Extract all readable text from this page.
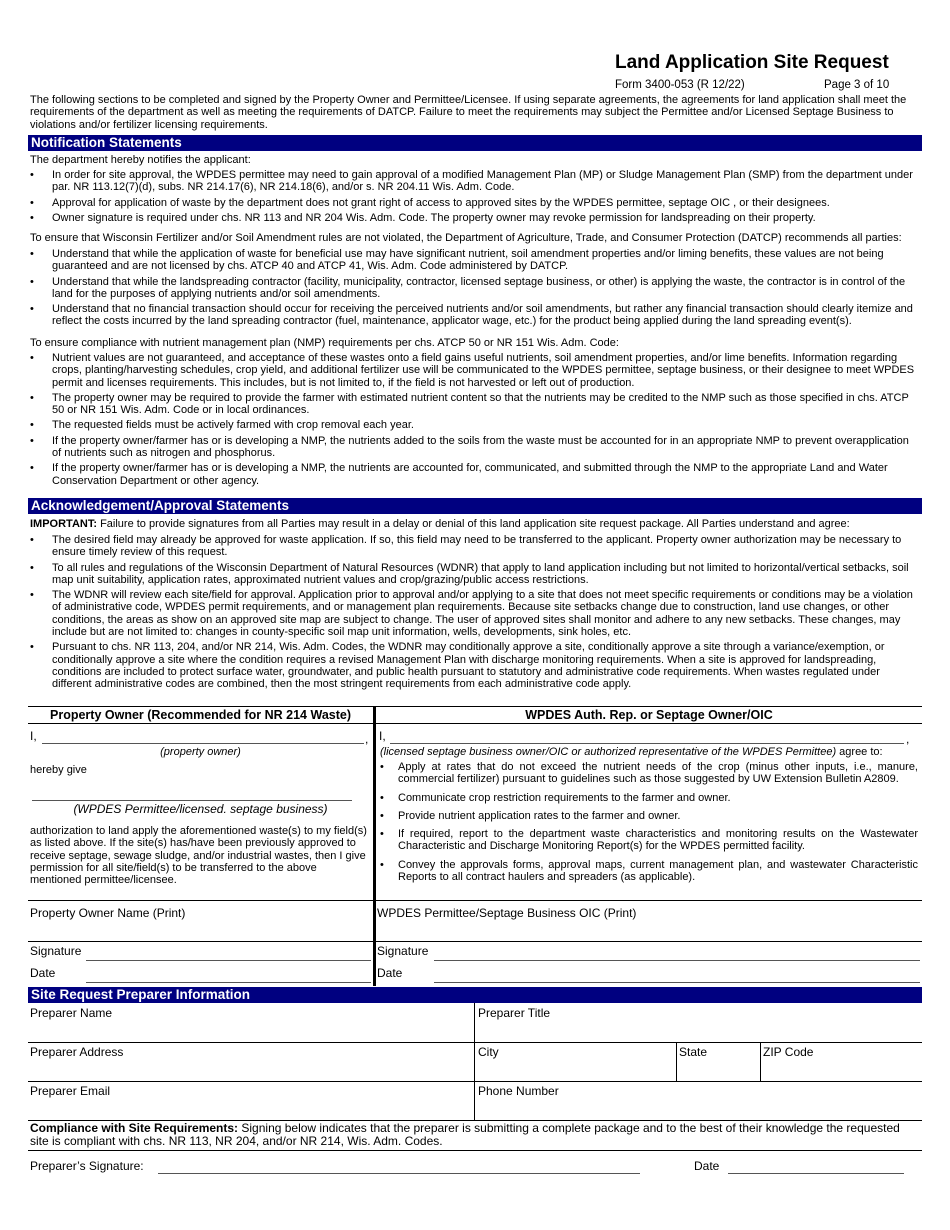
Land Application Site Request
Form 3400-053 (R 12/22)	Page 3 of 10
The following sections to be completed and signed by the Property Owner and Permittee/Licensee. If using separate agreements, the agreements for land application shall meet the requirements of the department as well as meeting the requirements of DATCP. Failure to meet the requirements may subject the Permittee and/or Licensed Septage Business to violations and/or fertilizer licensing requirements.
Notification Statements
The department hereby notifies the applicant:
• In order for site approval, the WPDES permittee may need to gain approval of a modified Management Plan (MP) or Sludge Management Plan (SMP) from the department under par. NR 113.12(7)(d), subs. NR 214.17(6), NR 214.18(6), and/or s. NR 204.11 Wis. Adm. Code.
• Approval for application of waste by the department does not grant right of access to approved sites by the WPDES permittee, septage OIC , or their designees.
• Owner signature is required under chs. NR 113 and NR 204 Wis. Adm. Code. The property owner may revoke permission for landspreading on their property.
To ensure that Wisconsin Fertilizer and/or Soil Amendment rules are not violated, the Department of Agriculture, Trade, and Consumer Protection (DATCP) recommends all parties:
• Understand that while the application of waste for beneficial use may have significant nutrient, soil amendment properties and/or liming benefits, these values are not being guaranteed and are not licensed by chs. ATCP 40 and ATCP 41, Wis. Adm. Code administered by DATCP.
• Understand that while the landspreading contractor (facility, municipality, contractor, licensed septage business, or other) is applying the waste, the contractor is in control of the land for the purposes of applying nutrients and/or soil amendments.
• Understand that no financial transaction should occur for receiving the perceived nutrients and/or soil amendments, but rather any financial transaction should clearly itemize and reflect the costs incurred by the land spreading contractor (fuel, maintenance, applicator wage, etc.) for the product being applied during the land spreading event(s).
To ensure compliance with nutrient management plan (NMP) requirements per chs. ATCP 50 or NR 151 Wis. Adm. Code:
• Nutrient values are not guaranteed, and acceptance of these wastes onto a field gains useful nutrients, soil amendment properties, and/or lime benefits. Information regarding crops, planting/harvesting schedules, crop yield, and additional fertilizer use will be communicated to the WPDES permittee, septage business, or their designee to meet WPDES permit and licenses requirements. This includes, but is not limited to, if the field is not harvested or left out of production.
• The property owner may be required to provide the farmer with estimated nutrient content so that the nutrients may be credited to the NMP such as those specified in chs. ATCP 50 or NR 151 Wis. Adm. Code or in local ordinances.
• The requested fields must be actively farmed with crop removal each year.
• If the property owner/farmer has or is developing a NMP, the nutrients added to the soils from the waste must be accounted for in an appropriate NMP to prevent overapplication of nutrients such as nitrogen and phosphorus.
• If the property owner/farmer has or is developing a NMP, the nutrients are accounted for, communicated, and submitted through the NMP to the appropriate Land and Water Conservation Department or other agency.
Acknowledgement/Approval Statements
IMPORTANT: Failure to provide signatures from all Parties may result in a delay or denial of this land application site request package. All Parties understand and agree:
• The desired field may already be approved for waste application. If so, this field may need to be transferred to the applicant. Property owner authorization may be necessary to ensure timely review of this request.
• To all rules and regulations of the Wisconsin Department of Natural Resources (WDNR) that apply to land application including but not limited to horizontal/vertical setbacks, soil map unit suitability, application rates, approximated nutrient values and crop/grazing/public access restrictions.
• The WDNR will review each site/field for approval. Application prior to approval and/or applying to a site that does not meet specific requirements or conditions may be a violation of administrative code, WPDES permit requirements, and or management plan requirements. Because site setbacks change due to construction, land use changes, or other conditions, the areas as show on an approved site map are subject to change. The user of approved sites shall monitor and adhere to any new setbacks. These changes, may include but are not limited to: changes in county-specific soil map unit information, wells, developments, sink holes, etc.
• Pursuant to chs. NR 113, 204, and/or NR 214, Wis. Adm. Codes, the WDNR may conditionally approve a site, conditionally approve a site through a variance/exemption, or conditionally approve a site where the condition requires a revised Management Plan with discharge monitoring requirements. When a site is approved for landspreading, conditions are included to protect surface water, groundwater, and public health pursuant to statutory and administrative code requirements. When wastes regulated under different administrative codes are combined, then the most stringent requirements from each administrative code apply.
Property Owner (Recommended for NR 214 Waste)	WPDES Auth. Rep. or Septage Owner/OIC
I,	,
(property owner)
hereby give
(WPDES Permittee/licensed. septage business)
authorization to land apply the aforementioned waste(s) to my field(s) as listed above. If the site(s) has/have been previously approved to receive septage, sewage sludge, and/or industrial wastes, then I give permission for all site/field(s) to be transferred to the above mentioned permittee/licensee.
Property Owner Name (Print)
Signature
Date
I,	,
(licensed septage business owner/OIC or authorized representative of the WPDES Permittee) agree to:
• Apply at rates that do not exceed the nutrient needs of the crop (minus other inputs, i.e., manure, commercial fertilizer) pursuant to guidelines such as those suggested by UW Extension Bulletin A2809.
• Communicate crop restriction requirements to the farmer and owner.
• Provide nutrient application rates to the farmer and owner.
• If required, report to the department waste characteristics and monitoring results on the Wastewater Characteristic and Discharge Monitoring Report(s) for the WPDES permitted facility.
• Convey the approvals forms, approval maps, current management plan, and wastewater Characteristic Reports to all contract haulers and spreaders (as applicable).
WPDES Permittee/Septage Business OIC (Print)
Signature
Date
Site Request Preparer Information
Preparer Name	Preparer Title
Preparer Address	City	State	ZIP Code
Preparer Email	Phone Number
Compliance with Site Requirements: Signing below indicates that the preparer is submitting a complete package and to the best of their knowledge the requested site is compliant with chs. NR 113, NR 204, and/or NR 214, Wis. Adm. Codes.
Preparer’s Signature:	Date
